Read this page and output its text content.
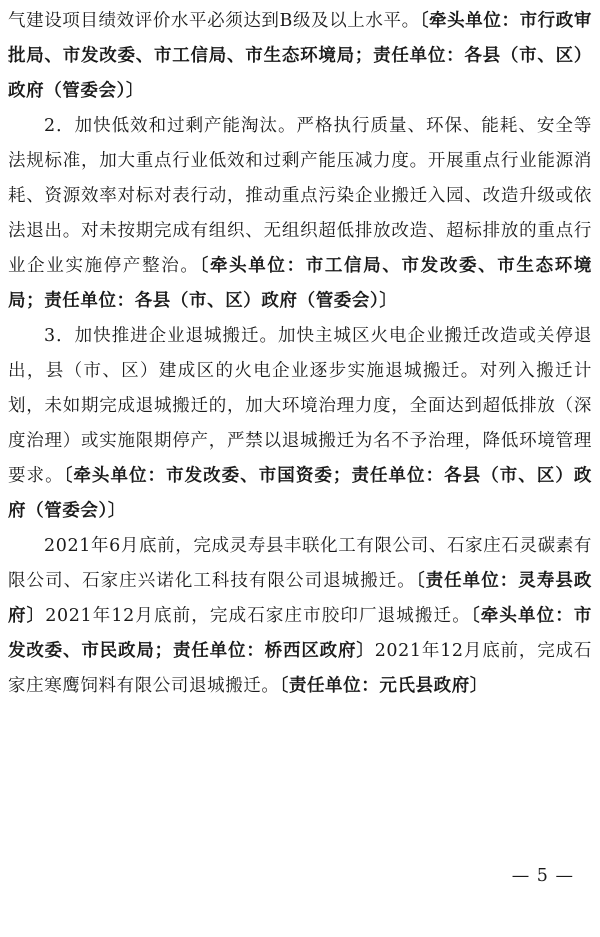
气建设项目绩效评价水平必须达到B级及以上水平。〔牵头单位：市行政审批局、市发改委、市工信局、市生态环境局；责任单位：各县（市、区）政府（管委会）〕

2．加快低效和过剩产能淘汰。严格执行质量、环保、能耗、安全等法规标准，加大重点行业低效和过剩产能压减力度。开展重点行业能源消耗、资源效率对标对表行动，推动重点污染企业搬迁入园、改造升级或依法退出。对未按期完成有组织、无组织超低排放改造、超标排放的重点行业企业实施停产整治。〔牵头单位：市工信局、市发改委、市生态环境局；责任单位：各县（市、区）政府（管委会）〕

3．加快推进企业退城搬迁。加快主城区火电企业搬迁改造或关停退出，县（市、区）建成区的火电企业逐步实施退城搬迁。对列入搬迁计划，未如期完成退城搬迁的，加大环境治理力度，全面达到超低排放（深度治理）或实施限期停产，严禁以退城搬迁为名不予治理，降低环境管理要求。〔牵头单位：市发改委、市国资委；责任单位：各县（市、区）政府（管委会）〕

2021年6月底前，完成灵寿县丰联化工有限公司、石家庄石灵碳素有限公司、石家庄兴诺化工科技有限公司退城搬迁。〔责任单位：灵寿县政府〕2021年12月底前，完成石家庄市胶印厂退城搬迁。〔牵头单位：市发改委、市民政局；责任单位：桥西区政府〕2021年12月底前，完成石家庄寒鹰饲料有限公司退城搬迁。〔责任单位：元氏县政府〕

— 5 —
